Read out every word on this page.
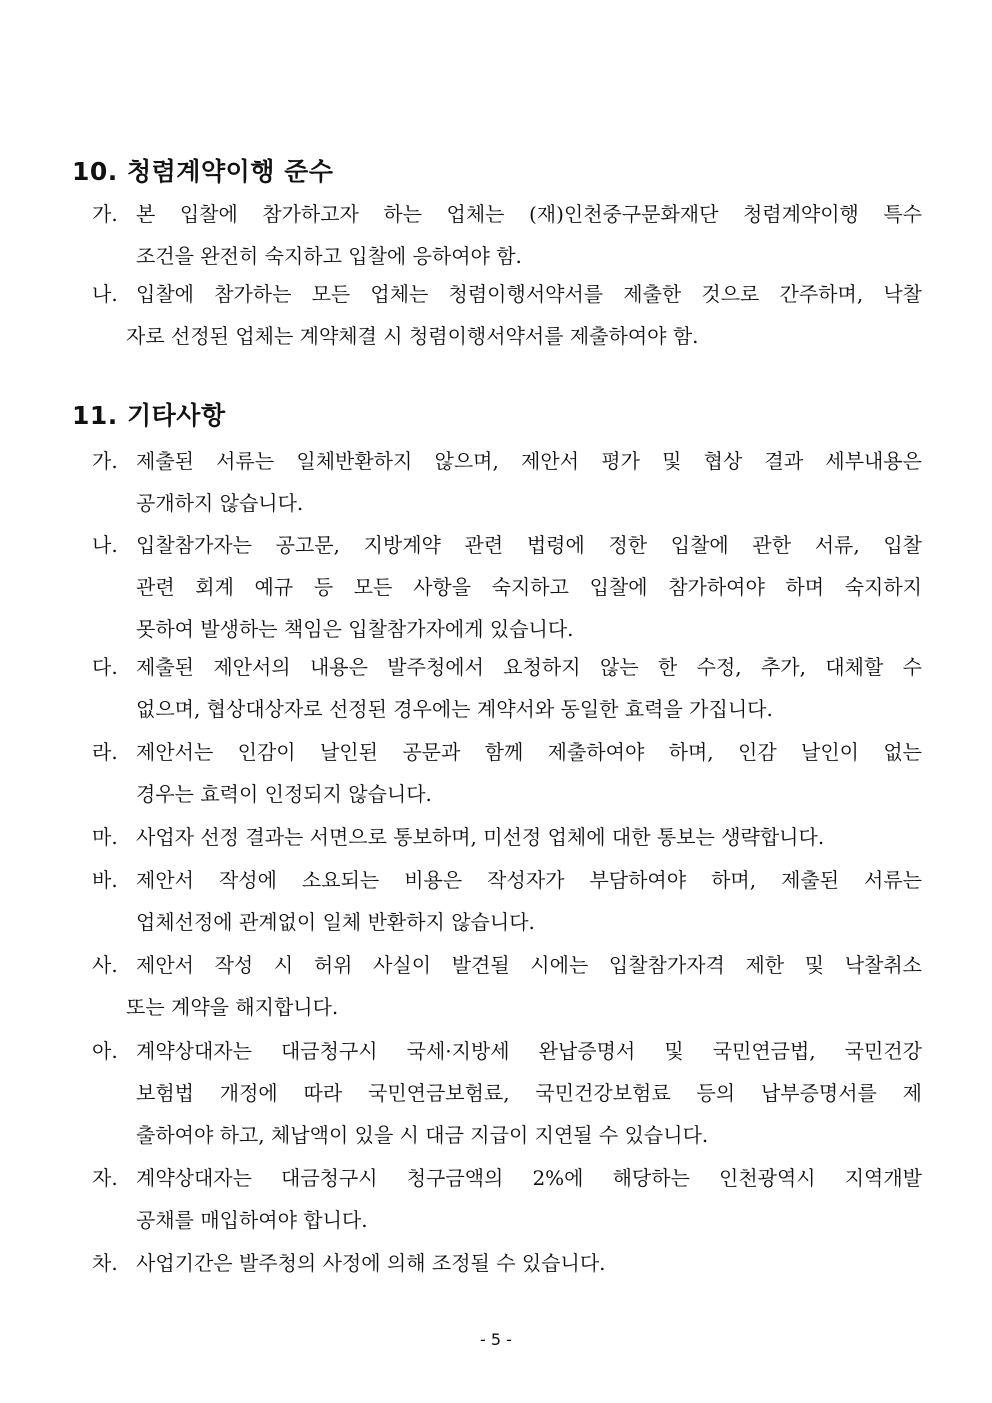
10. 청렴계약이행 준수
가. 본 입찰에 참가하고자 하는 업체는 (재)인천중구문화재단 청렴계약이행 특수
조건을 완전히 숙지하고 입찰에 응하여야 함.
나. 입찰에 참가하는 모든 업체는 청렴이행서약서를 제출한 것으로 간주하며, 낙찰
자로 선정된 업체는 계약체결 시 청렴이행서약서를 제출하여야 함.
11. 기타사항
가. 제출된 서류는 일체반환하지 않으며, 제안서 평가 및 협상 결과 세부내용은
공개하지 않습니다.
나. 입찰참가자는 공고문, 지방계약 관련 법령에 정한 입찰에 관한 서류, 입찰
관련 회계 예규 등 모든 사항을 숙지하고 입찰에 참가하여야 하며 숙지하지
못하여 발생하는 책임은 입찰참가자에게 있습니다.
다. 제출된 제안서의 내용은 발주청에서 요청하지 않는 한 수정, 추가, 대체할 수
없으며, 협상대상자로 선정된 경우에는 계약서와 동일한 효력을 가집니다.
라. 제안서는 인감이 날인된 공문과 함께 제출하여야 하며, 인감 날인이 없는
경우는 효력이 인정되지 않습니다.
마. 사업자 선정 결과는 서면으로 통보하며, 미선정 업체에 대한 통보는 생략합니다.
바. 제안서 작성에 소요되는 비용은 작성자가 부담하여야 하며, 제출된 서류는
업체선정에 관계없이 일체 반환하지 않습니다.
사. 제안서 작성 시 허위 사실이 발견될 시에는 입찰참가자격 제한 및 낙찰취소
또는 계약을 해지합니다.
아. 계약상대자는 대금청구시 국세·지방세 완납증명서 및 국민연금법, 국민건강
보험법 개정에 따라 국민연금보험료, 국민건강보험료 등의 납부증명서를 제
출하여야 하고, 체납액이 있을 시 대금 지급이 지연될 수 있습니다.
자. 계약상대자는 대금청구시 청구금액의 2%에 해당하는 인천광역시 지역개발
공채를 매입하여야 합니다.
차. 사업기간은 발주청의 사정에 의해 조정될 수 있습니다.
- 5 -
